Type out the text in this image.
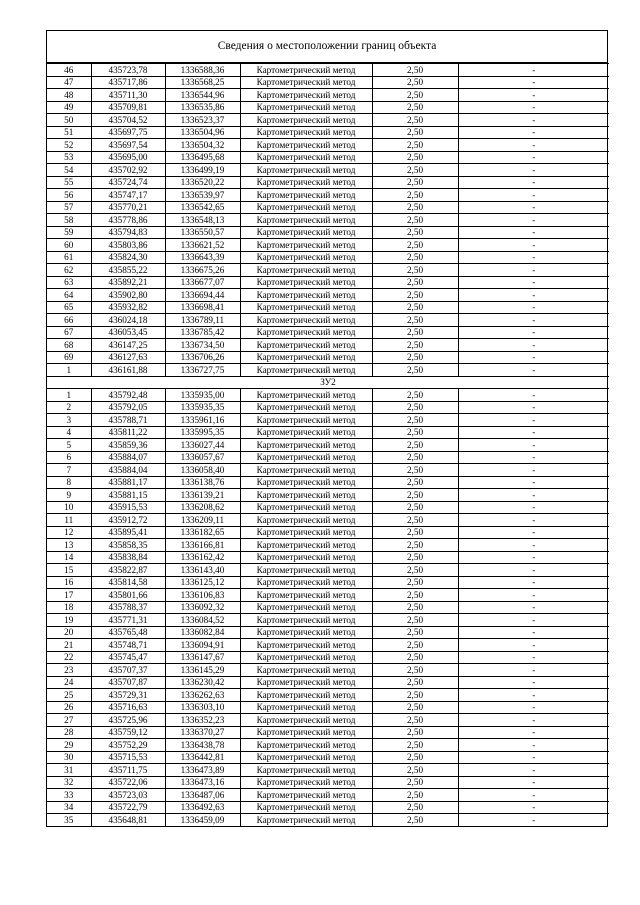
Сведения о местоположении границ объекта
46	435723,78	1336588,36	Картометрический метод	2,50	-
47	435717,86	1336568,25	Картометрический метод	2,50	-
48	435711,30	1336544,96	Картометрический метод	2,50	-
49	435709,81	1336535,86	Картометрический метод	2,50	-
50	435704,52	1336523,37	Картометрический метод	2,50	-
51	435697,75	1336504,96	Картометрический метод	2,50	-
52	435697,54	1336504,32	Картометрический метод	2,50	-
53	435695,00	1336495,68	Картометрический метод	2,50	-
54	435702,92	1336499,19	Картометрический метод	2,50	-
55	435724,74	1336520,22	Картометрический метод	2,50	-
56	435747,17	1336539,97	Картометрический метод	2,50	-
57	435770,21	1336542,65	Картометрический метод	2,50	-
58	435778,86	1336548,13	Картометрический метод	2,50	-
59	435794,83	1336550,57	Картометрический метод	2,50	-
60	435803,86	1336621,52	Картометрический метод	2,50	-
61	435824,30	1336643,39	Картометрический метод	2,50	-
62	435855,22	1336675,26	Картометрический метод	2,50	-
63	435892,21	1336677,07	Картометрический метод	2,50	-
64	435902,80	1336694,44	Картометрический метод	2,50	-
65	435932,82	1336698,41	Картометрический метод	2,50	-
66	436024,18	1336789,11	Картометрический метод	2,50	-
67	436053,45	1336785,42	Картометрический метод	2,50	-
68	436147,25	1336734,50	Картометрический метод	2,50	-
69	436127,63	1336706,26	Картометрический метод	2,50	-
1	436161,88	1336727,75	Картометрический метод	2,50	-
ЗУ2					
1	435792,48	1335935,00	Картометрический метод	2,50	-
2	435792,05	1335935,35	Картометрический метод	2,50	-
3	435788,71	1335961,16	Картометрический метод	2,50	-
4	435811,22	1335995,35	Картометрический метод	2,50	-
5	435859,36	1336027,44	Картометрический метод	2,50	-
6	435884,07	1336057,67	Картометрический метод	2,50	-
7	435884,04	1336058,40	Картометрический метод	2,50	-
8	435881,17	1336138,76	Картометрический метод	2,50	-
9	435881,15	1336139,21	Картометрический метод	2,50	-
10	435915,53	1336208,62	Картометрический метод	2,50	-
11	435912,72	1336209,11	Картометрический метод	2,50	-
12	435895,41	1336182,65	Картометрический метод	2,50	-
13	435858,35	1336166,81	Картометрический метод	2,50	-
14	435838,84	1336162,42	Картометрический метод	2,50	-
15	435822,87	1336143,40	Картометрический метод	2,50	-
16	435814,58	1336125,12	Картометрический метод	2,50	-
17	435801,66	1336106,83	Картометрический метод	2,50	-
18	435788,37	1336092,32	Картометрический метод	2,50	-
19	435771,31	1336084,52	Картометрический метод	2,50	-
20	435765,48	1336082,84	Картометрический метод	2,50	-
21	435748,71	1336094,91	Картометрический метод	2,50	-
22	435745,47	1336147,67	Картометрический метод	2,50	-
23	435707,37	1336145,29	Картометрический метод	2,50	-
24	435707,87	1336230,42	Картометрический метод	2,50	-
25	435729,31	1336262,63	Картометрический метод	2,50	-
26	435716,63	1336303,10	Картометрический метод	2,50	-
27	435725,96	1336352,23	Картометрический метод	2,50	-
28	435759,12	1336370,27	Картометрический метод	2,50	-
29	435752,29	1336438,78	Картометрический метод	2,50	-
30	435715,53	1336442,81	Картометрический метод	2,50	-
31	435711,75	1336473,89	Картометрический метод	2,50	-
32	435722,06	1336473,16	Картометрический метод	2,50	-
33	435723,03	1336487,06	Картометрический метод	2,50	-
34	435722,79	1336492,63	Картометрический метод	2,50	-
35	435648,81	1336459,09	Картометрический метод	2,50	-
